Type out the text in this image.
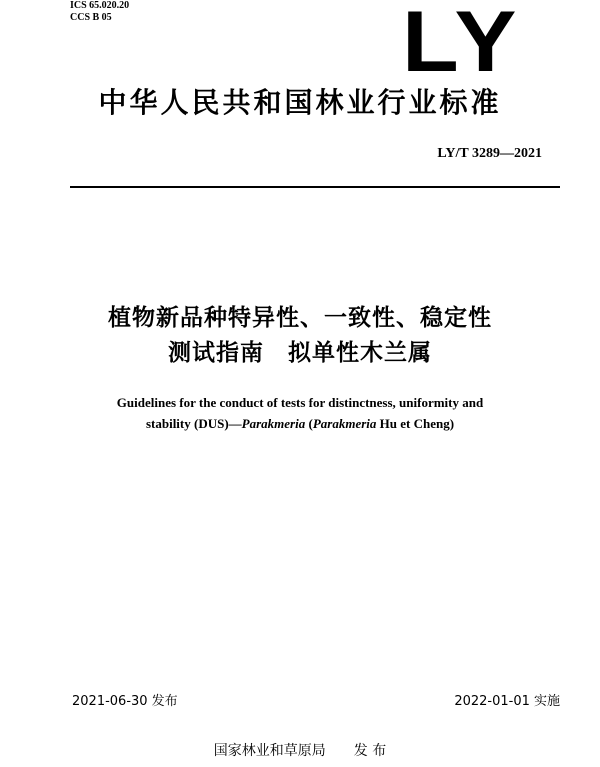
ICS 65.020.20
CCS B 05	LY
中华人民共和国林业行业标准
LY/T 3289—2021
植物新品种特异性、一致性、稳定性
测试指南　拟单性木兰属
Guidelines for the conduct of tests for distinctness, uniformity and
stability (DUS)—Parakmeria (Parakmeria Hu et Cheng)
2021-06-30 发布	2022-01-01 实施
国家林业和草原局 发 布
